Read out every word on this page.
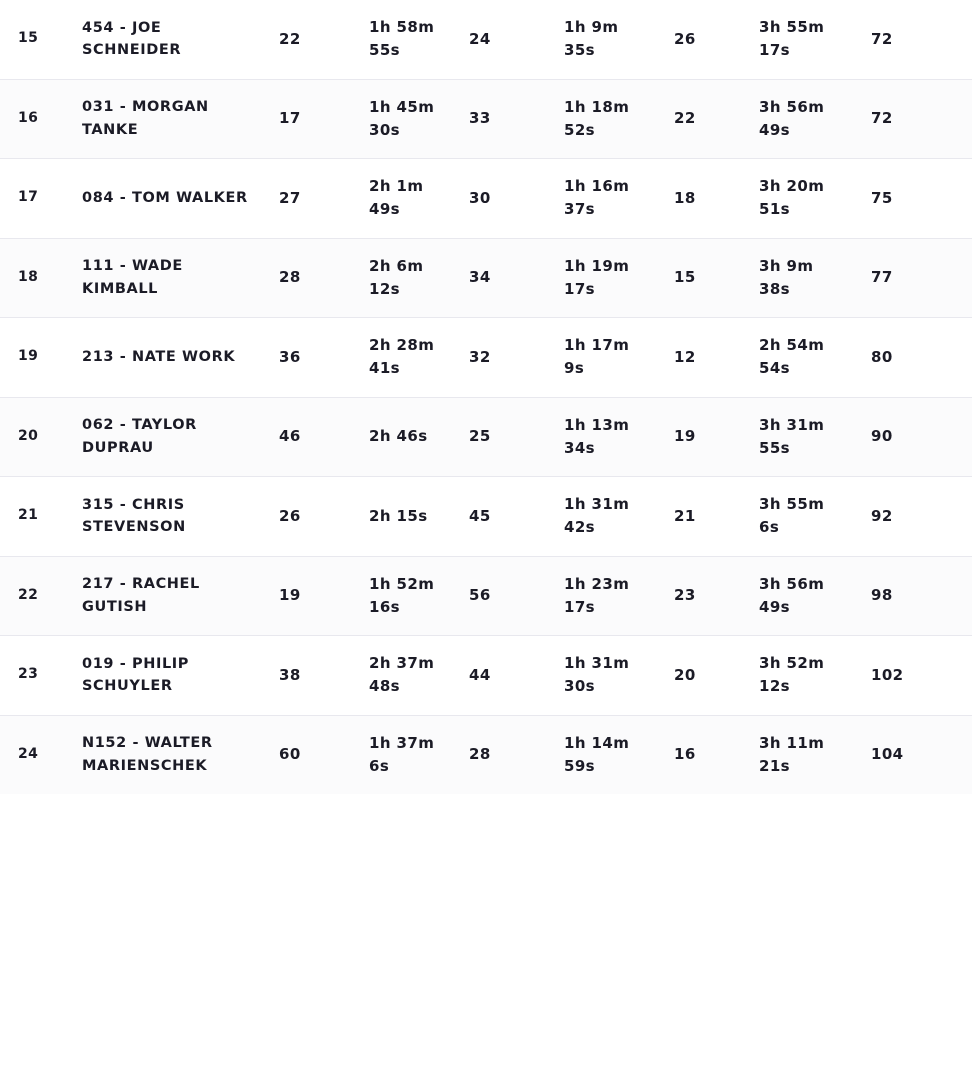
15	454 - JOE SCHNEIDER	22	1h 58m 55s	24	1h 9m 35s	26	3h 55m 17s	72
16	031 - MORGAN TANKE	17	1h 45m 30s	33	1h 18m 52s	22	3h 56m 49s	72
17	084 - TOM WALKER	27	2h 1m 49s	30	1h 16m 37s	18	3h 20m 51s	75
18	111 - WADE KIMBALL	28	2h 6m 12s	34	1h 19m 17s	15	3h 9m 38s	77
19	213 - NATE WORK	36	2h 28m 41s	32	1h 17m 9s	12	2h 54m 54s	80
20	062 - TAYLOR DUPRAU	46	2h 46s	25	1h 13m 34s	19	3h 31m 55s	90
21	315 - CHRIS STEVENSON	26	2h 15s	45	1h 31m 42s	21	3h 55m 6s	92
22	217 - RACHEL GUTISH	19	1h 52m 16s	56	1h 23m 17s	23	3h 56m 49s	98
23	019 - PHILIP SCHUYLER	38	2h 37m 48s	44	1h 31m 30s	20	3h 52m 12s	102
24	N152 - WALTER MARIENSCHEK	60	1h 37m 6s	28	1h 14m 59s	16	3h 11m 21s	104
